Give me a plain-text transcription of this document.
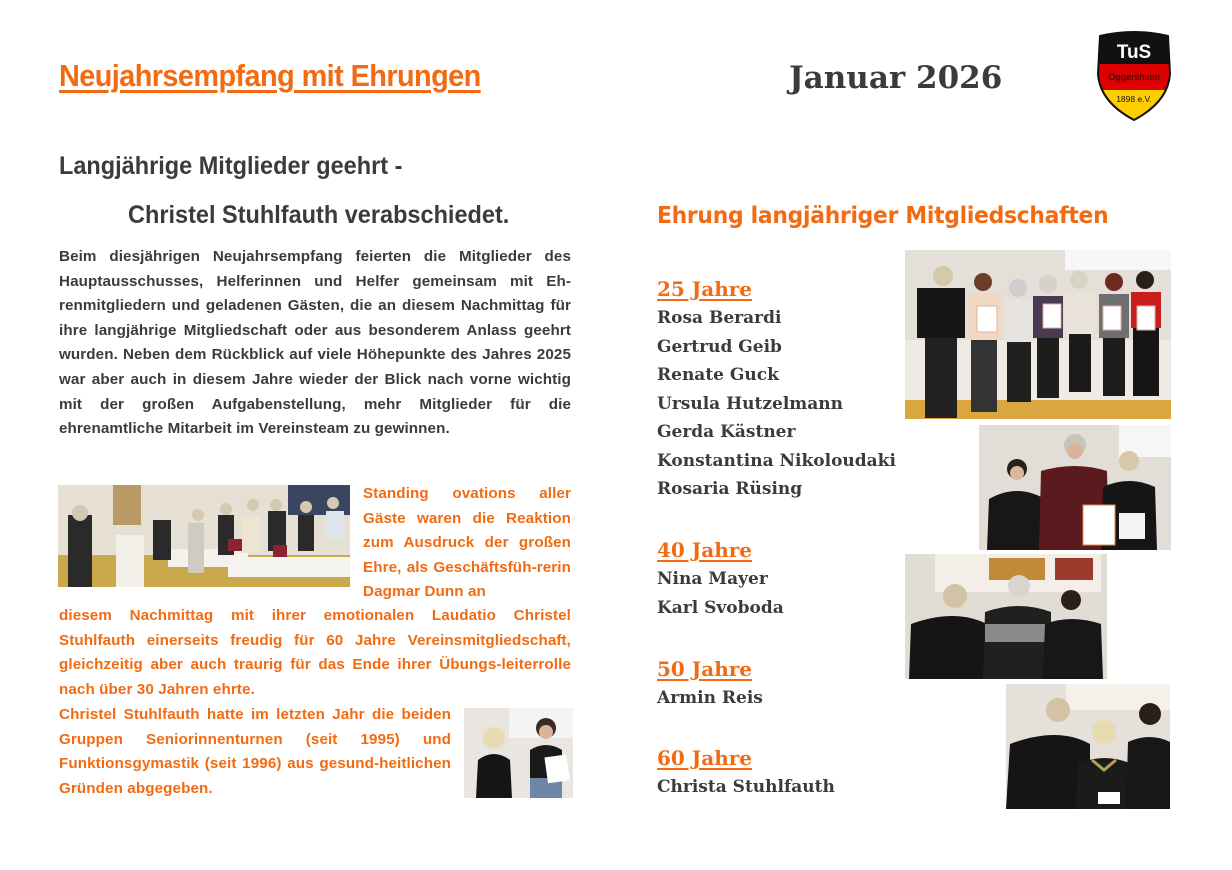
Neujahrsempfang mit Ehrungen	Januar 2026
TuS
Oggersheim
1898 e.V.
Langjährige Mitglieder geehrt -
Christel Stuhlfauth verabschiedet.
Beim diesjährigen Neujahrsempfang feierten die Mitglieder des Hauptausschusses, Helferinnen und Helfer gemeinsam mit Eh-renmitgliedern und geladenen Gästen, die an diesem Nachmittag für ihre langjährige Mitgliedschaft oder aus besonderem Anlass geehrt wurden. Neben dem Rückblick auf viele Höhepunkte des Jahres 2025 war aber auch in diesem Jahre wieder der Blick nach vorne wichtig mit der großen Aufgabenstellung, mehr Mitglieder für die ehrenamtliche Mitarbeit im Vereinsteam zu gewinnen.
Standing ovations aller Gäste waren die Reaktion zum Ausdruck der großen Ehre, als Geschäftsfüh-rerin Dagmar Dunn an
diesem Nachmittag mit ihrer emotionalen Laudatio Christel Stuhlfauth einerseits freudig für 60 Jahre Vereinsmitgliedschaft, gleichzeitig aber auch traurig für das Ende ihrer Übungs-leiterrolle nach über 30 Jahren ehrte.
Christel Stuhlfauth hatte im letzten Jahr die beiden Gruppen Seniorinnenturnen (seit 1995) und Funktionsgymastik (seit 1996) aus gesund-heitlichen Gründen abgegeben.
Ehrung langjähriger Mitgliedschaften
25 Jahre
Rosa Berardi
Gertrud Geib
Renate Guck
Ursula Hutzelmann
Gerda Kästner
Konstantina Nikoloudaki
Rosaria Rüsing
40 Jahre
Nina Mayer
Karl Svoboda
50 Jahre
Armin Reis
60 Jahre
Christa Stuhlfauth
